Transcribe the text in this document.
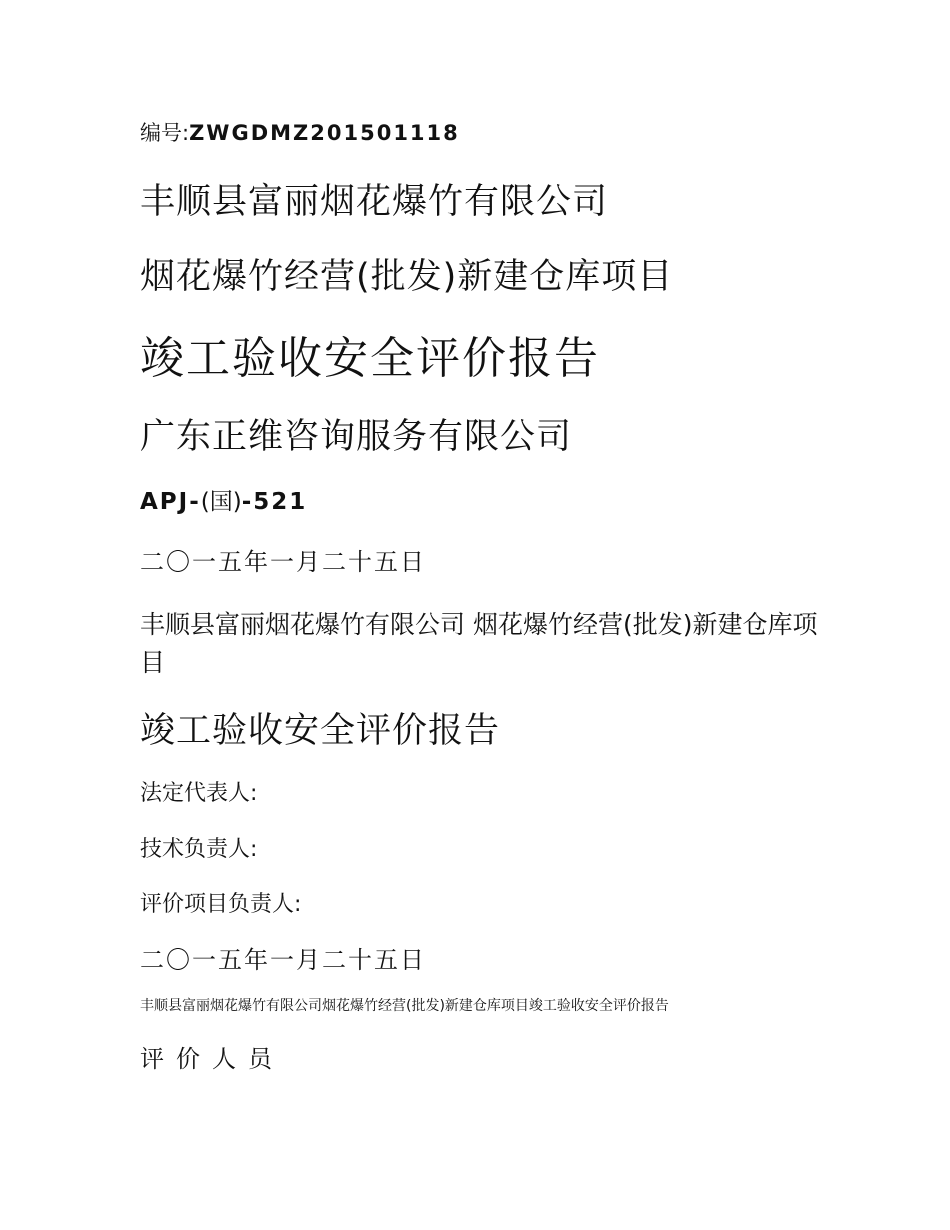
编号:ZWGDMZ201501118

丰顺县富丽烟花爆竹有限公司
烟花爆竹经营(批发)新建仓库项目
竣工验收安全评价报告
广东正维咨询服务有限公司

APJ-(国)-521

二〇一五年一月二十五日

丰顺县富丽烟花爆竹有限公司 烟花爆竹经营(批发)新建仓库项目

竣工验收安全评价报告

法定代表人:

技术负责人:

评价项目负责人:

二〇一五年一月二十五日

丰顺县富丽烟花爆竹有限公司烟花爆竹经营(批发)新建仓库项目竣工验收安全评价报告

评价人员
